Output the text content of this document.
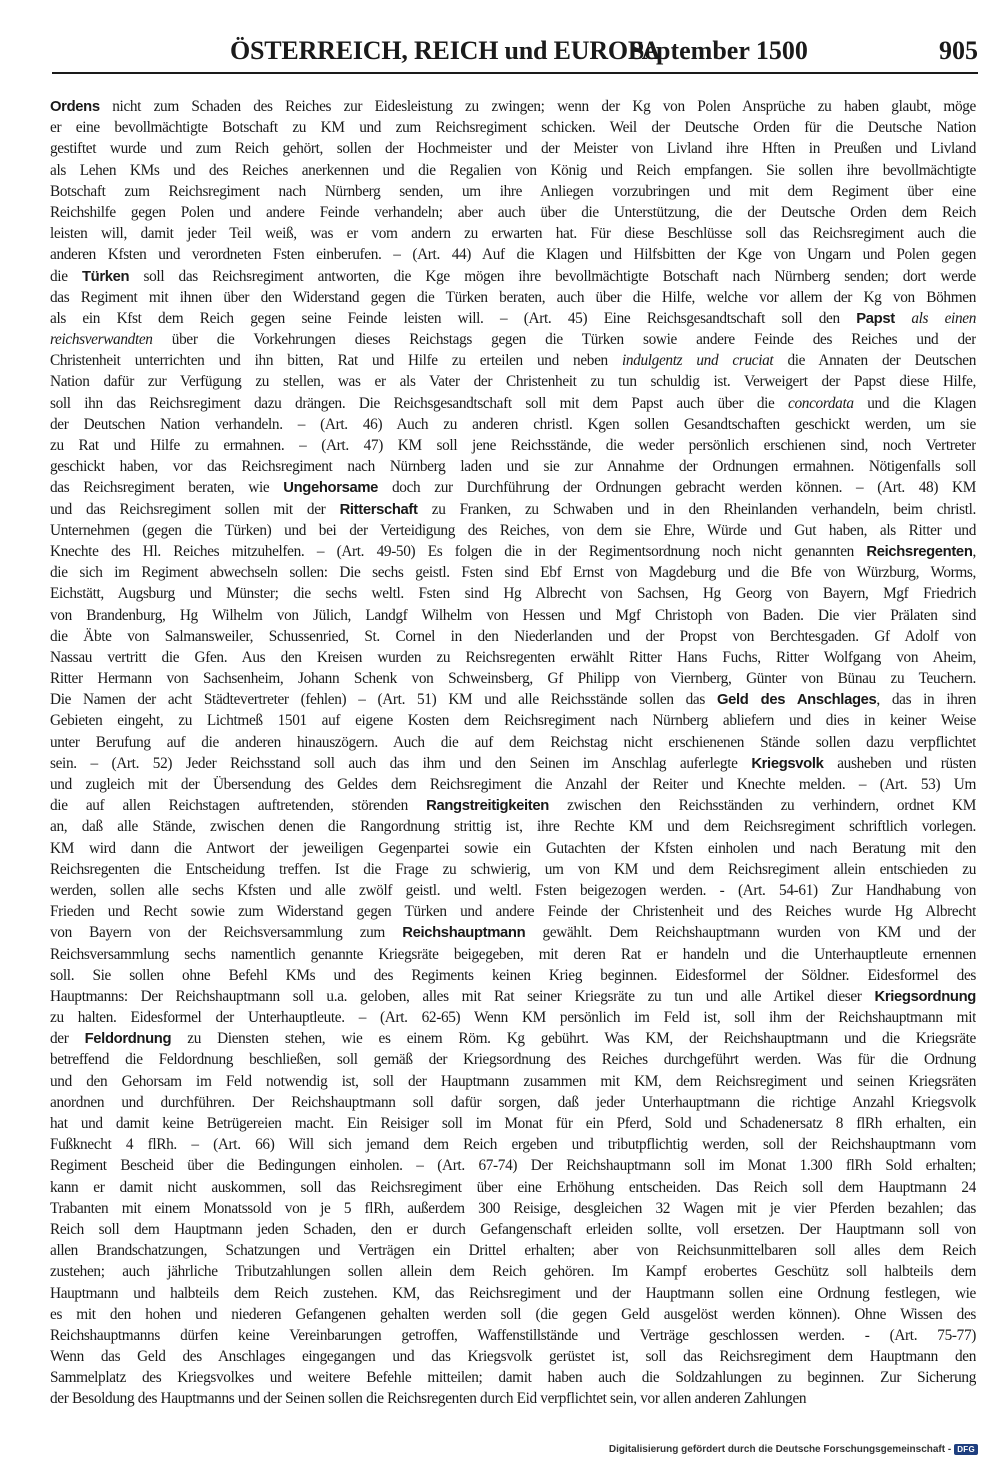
ÖSTERREICH, REICH und EUROPA
September 1500	905
Ordens nicht zum Schaden des Reiches zur Eidesleistung zu zwingen; wenn der Kg von Polen Ansprüche zu haben glaubt, möge
er eine bevollmächtigte Botschaft zu KM und zum Reichsregiment schicken. Weil der Deutsche Orden für die Deutsche Nation
gestiftet wurde und zum Reich gehört, sollen der Hochmeister und der Meister von Livland ihre Hften in Preußen und Livland
als Lehen KMs und des Reiches anerkennen und die Regalien von König und Reich empfangen. Sie sollen ihre bevollmächtigte
Botschaft zum Reichsregiment nach Nürnberg senden, um ihre Anliegen vorzubringen und mit dem Regiment über eine
Reichshilfe gegen Polen und andere Feinde verhandeln; aber auch über die Unterstützung, die der Deutsche Orden dem Reich
leisten will, damit jeder Teil weiß, was er vom andern zu erwarten hat. Für diese Beschlüsse soll das Reichsregiment auch die
anderen Kfsten und verordneten Fsten einberufen. – (Art. 44) Auf die Klagen und Hilfsbitten der Kge von Ungarn und Polen gegen
die Türken soll das Reichsregiment antworten, die Kge mögen ihre bevollmächtigte Botschaft nach Nürnberg senden; dort werde
das Regiment mit ihnen über den Widerstand gegen die Türken beraten, auch über die Hilfe, welche vor allem der Kg von Böhmen
als ein Kfst dem Reich gegen seine Feinde leisten will. – (Art. 45) Eine Reichsgesandtschaft soll den Papst als einen
reichsverwandten über die Vorkehrungen dieses Reichstags gegen die Türken sowie andere Feinde des Reiches und der
Christenheit unterrichten und ihn bitten, Rat und Hilfe zu erteilen und neben indulgentz und cruciat die Annaten der Deutschen
Nation dafür zur Verfügung zu stellen, was er als Vater der Christenheit zu tun schuldig ist. Verweigert der Papst diese Hilfe,
soll ihn das Reichsregiment dazu drängen. Die Reichsgesandtschaft soll mit dem Papst auch über die concordata und die Klagen
der Deutschen Nation verhandeln. – (Art. 46) Auch zu anderen christl. Kgen sollen Gesandtschaften geschickt werden, um sie
zu Rat und Hilfe zu ermahnen. – (Art. 47) KM soll jene Reichsstände, die weder persönlich erschienen sind, noch Vertreter
geschickt haben, vor das Reichsregiment nach Nürnberg laden und sie zur Annahme der Ordnungen ermahnen. Nötigenfalls soll
das Reichsregiment beraten, wie Ungehorsame doch zur Durchführung der Ordnungen gebracht werden können. – (Art. 48) KM
und das Reichsregiment sollen mit der Ritterschaft zu Franken, zu Schwaben und in den Rheinlanden verhandeln, beim christl.
Unternehmen (gegen die Türken) und bei der Verteidigung des Reiches, von dem sie Ehre, Würde und Gut haben, als Ritter und
Knechte des Hl. Reiches mitzuhelfen. – (Art. 49-50) Es folgen die in der Regimentsordnung noch nicht genannten Reichsregenten,
die sich im Regiment abwechseln sollen: Die sechs geistl. Fsten sind Ebf Ernst von Magdeburg und die Bfe von Würzburg, Worms,
Eichstätt, Augsburg und Münster; die sechs weltl. Fsten sind Hg Albrecht von Sachsen, Hg Georg von Bayern, Mgf Friedrich
von Brandenburg, Hg Wilhelm von Jülich, Landgf Wilhelm von Hessen und Mgf Christoph von Baden. Die vier Prälaten sind
die Äbte von Salmansweiler, Schussenried, St. Cornel in den Niederlanden und der Propst von Berchtesgaden. Gf Adolf von
Nassau vertritt die Gfen. Aus den Kreisen wurden zu Reichsregenten erwählt Ritter Hans Fuchs, Ritter Wolfgang von Aheim,
Ritter Hermann von Sachsenheim, Johann Schenk von Schweinsberg, Gf Philipp von Viernberg, Günter von Bünau zu Teuchern.
Die Namen der acht Städtevertreter (fehlen) – (Art. 51) KM und alle Reichsstände sollen das Geld des Anschlages, das in ihren
Gebieten eingeht, zu Lichtmeß 1501 auf eigene Kosten dem Reichsregiment nach Nürnberg abliefern und dies in keiner Weise
unter Berufung auf die anderen hinauszögern. Auch die auf dem Reichstag nicht erschienenen Stände sollen dazu verpflichtet
sein. – (Art. 52) Jeder Reichsstand soll auch das ihm und den Seinen im Anschlag auferlegte Kriegsvolk ausheben und rüsten
und zugleich mit der Übersendung des Geldes dem Reichsregiment die Anzahl der Reiter und Knechte melden. – (Art. 53) Um
die auf allen Reichstagen auftretenden, störenden Rangstreitigkeiten zwischen den Reichsständen zu verhindern, ordnet KM
an, daß alle Stände, zwischen denen die Rangordnung strittig ist, ihre Rechte KM und dem Reichsregiment schriftlich vorlegen.
KM wird dann die Antwort der jeweiligen Gegenpartei sowie ein Gutachten der Kfsten einholen und nach Beratung mit den
Reichsregenten die Entscheidung treffen. Ist die Frage zu schwierig, um von KM und dem Reichsregiment allein entschieden zu
werden, sollen alle sechs Kfsten und alle zwölf geistl. und weltl. Fsten beigezogen werden. - (Art. 54-61) Zur Handhabung von
Frieden und Recht sowie zum Widerstand gegen Türken und andere Feinde der Christenheit und des Reiches wurde Hg Albrecht
von Bayern von der Reichsversammlung zum Reichshauptmann gewählt. Dem Reichshauptmann wurden von KM und der
Reichsversammlung sechs namentlich genannte Kriegsräte beigegeben, mit deren Rat er handeln und die Unterhauptleute ernennen
soll. Sie sollen ohne Befehl KMs und des Regiments keinen Krieg beginnen. Eidesformel der Söldner. Eidesformel des
Hauptmanns: Der Reichshauptmann soll u.a. geloben, alles mit Rat seiner Kriegsräte zu tun und alle Artikel dieser Kriegsordnung
zu halten. Eidesformel der Unterhauptleute. – (Art. 62-65) Wenn KM persönlich im Feld ist, soll ihm der Reichshauptmann mit
der Feldordnung zu Diensten stehen, wie es einem Röm. Kg gebührt. Was KM, der Reichshauptmann und die Kriegsräte
betreffend die Feldordnung beschließen, soll gemäß der Kriegsordnung des Reiches durchgeführt werden. Was für die Ordnung
und den Gehorsam im Feld notwendig ist, soll der Hauptmann zusammen mit KM, dem Reichsregiment und seinen Kriegsräten
anordnen und durchführen. Der Reichshauptmann soll dafür sorgen, daß jeder Unterhauptmann die richtige Anzahl Kriegsvolk
hat und damit keine Betrügereien macht. Ein Reisiger soll im Monat für ein Pferd, Sold und Schadenersatz 8 flRh erhalten, ein
Fußknecht 4 flRh. – (Art. 66) Will sich jemand dem Reich ergeben und tributpflichtig werden, soll der Reichshauptmann vom
Regiment Bescheid über die Bedingungen einholen. – (Art. 67-74) Der Reichshauptmann soll im Monat 1.300 flRh Sold erhalten;
kann er damit nicht auskommen, soll das Reichsregiment über eine Erhöhung entscheiden. Das Reich soll dem Hauptmann 24
Trabanten mit einem Monatssold von je 5 flRh, außerdem 300 Reisige, desgleichen 32 Wagen mit je vier Pferden bezahlen; das
Reich soll dem Hauptmann jeden Schaden, den er durch Gefangenschaft erleiden sollte, voll ersetzen. Der Hauptmann soll von
allen Brandschatzungen, Schatzungen und Verträgen ein Drittel erhalten; aber von Reichsunmittelbaren soll alles dem Reich
zustehen; auch jährliche Tributzahlungen sollen allein dem Reich gehören. Im Kampf erobertes Geschütz soll halbteils dem
Hauptmann und halbteils dem Reich zustehen. KM, das Reichsregiment und der Hauptmann sollen eine Ordnung festlegen, wie
es mit den hohen und niederen Gefangenen gehalten werden soll (die gegen Geld ausgelöst werden können). Ohne Wissen des
Reichshauptmanns dürfen keine Vereinbarungen getroffen, Waffenstillstände und Verträge geschlossen werden. - (Art. 75-77)
Wenn das Geld des Anschlages eingegangen und das Kriegsvolk gerüstet ist, soll das Reichsregiment dem Hauptmann den
Sammelplatz des Kriegsvolkes und weitere Befehle mitteilen; damit haben auch die Soldzahlungen zu beginnen. Zur Sicherung
der Besoldung des Hauptmanns und der Seinen sollen die Reichsregenten durch Eid verpflichtet sein, vor allen anderen Zahlungen
Digitalisierung gefördert durch die Deutsche Forschungsgemeinschaft - DFG
